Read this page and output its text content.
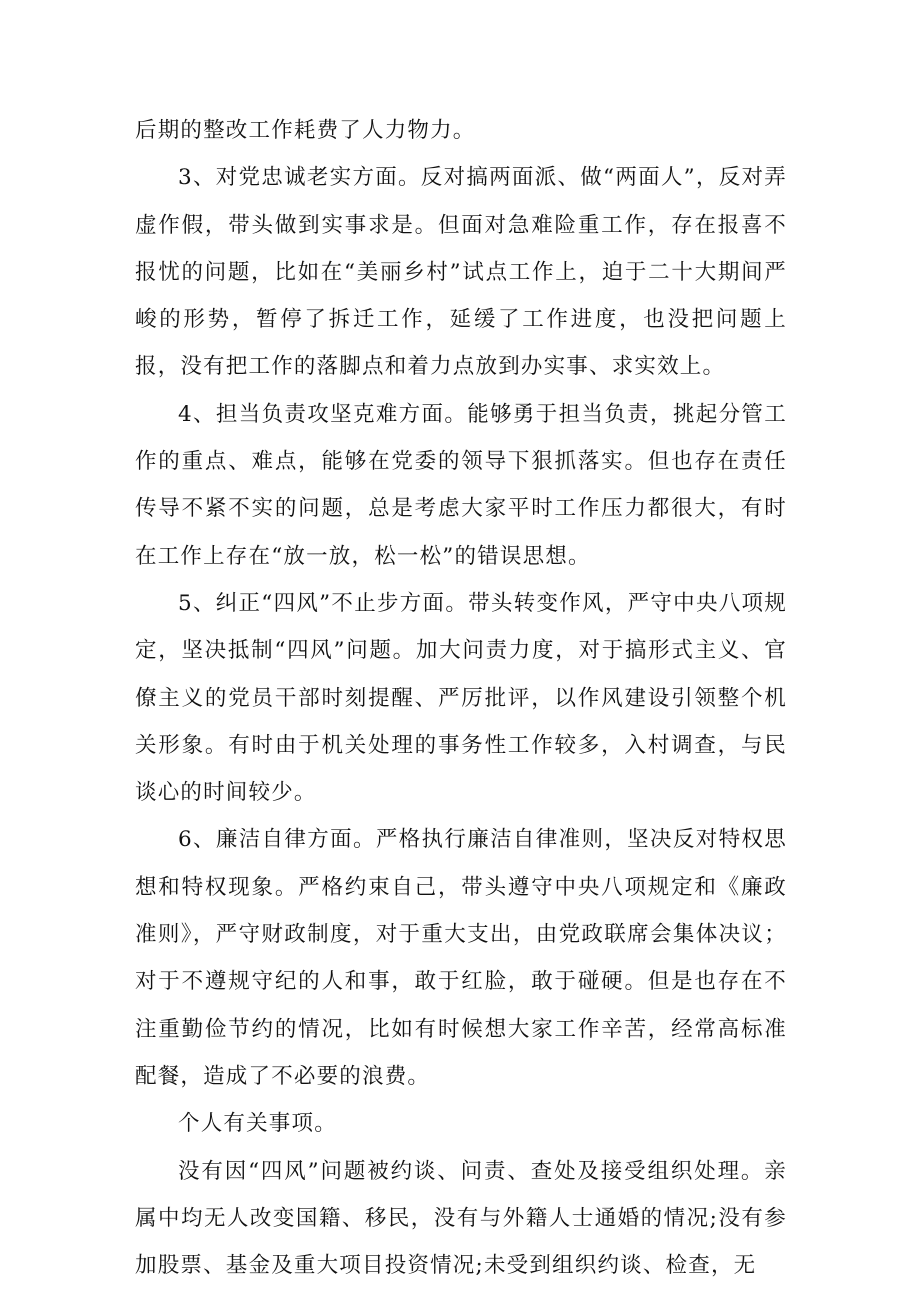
后期的整改工作耗费了人力物力。

3、对党忠诚老实方面。反对搞两面派、做“两面人”，反对弄虚作假，带头做到实事求是。但面对急难险重工作，存在报喜不报忧的问题，比如在“美丽乡村”试点工作上，迫于二十大期间严峻的形势，暂停了拆迁工作，延缓了工作进度，也没把问题上报，没有把工作的落脚点和着力点放到办实事、求实效上。

4、担当负责攻坚克难方面。能够勇于担当负责，挑起分管工作的重点、难点，能够在党委的领导下狠抓落实。但也存在责任传导不紧不实的问题，总是考虑大家平时工作压力都很大，有时在工作上存在“放一放，松一松”的错误思想。

5、纠正“四风”不止步方面。带头转变作风，严守中央八项规定，坚决抵制“四风”问题。加大问责力度，对于搞形式主义、官僚主义的党员干部时刻提醒、严厉批评，以作风建设引领整个机关形象。有时由于机关处理的事务性工作较多，入村调查，与民谈心的时间较少。

6、廉洁自律方面。严格执行廉洁自律准则，坚决反对特权思想和特权现象。严格约束自己，带头遵守中央八项规定和《廉政准则》，严守财政制度，对于重大支出，由党政联席会集体决议；对于不遵规守纪的人和事，敢于红脸，敢于碰硬。但是也存在不注重勤俭节约的情况，比如有时候想大家工作辛苦，经常高标准配餐，造成了不必要的浪费。

个人有关事项。

没有因“四风”问题被约谈、问责、查处及接受组织处理。亲属中均无人改变国籍、移民，没有与外籍人士通婚的情况;没有参加股票、基金及重大项目投资情况;未受到组织约谈、检查，无
